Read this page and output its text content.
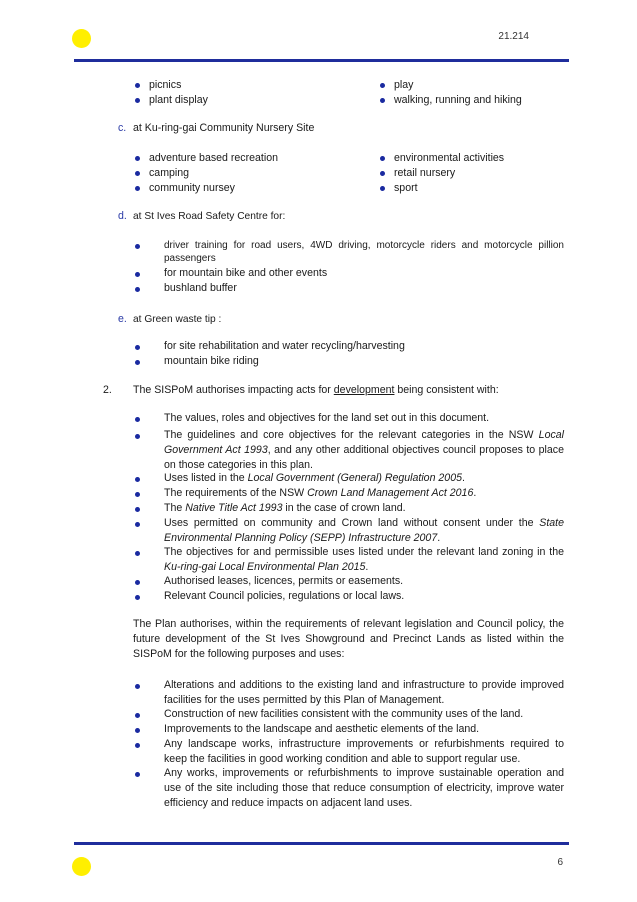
21.214
picnics
plant display
play
walking, running and hiking
c. at Ku-ring-gai Community Nursery Site
adventure based recreation
camping
community nursey
environmental activities
retail nursery
sport
d. at St Ives Road Safety Centre for:
driver training for road users, 4WD driving, motorcycle riders and motorcycle pillion passengers
for mountain bike and other events
bushland buffer
e. at Green waste tip :
for site rehabilitation and water recycling/harvesting
mountain bike riding
2. The SISPoM authorises impacting acts for development being consistent with:
The values, roles and objectives for the land set out in this document.
The guidelines and core objectives for the relevant categories in the NSW Local Government Act 1993, and any other additional objectives council proposes to place on those categories in this plan.
Uses listed in the Local Government (General) Regulation 2005.
The requirements of the NSW Crown Land Management Act 2016.
The Native Title Act 1993 in the case of crown land.
Uses permitted on community and Crown land without consent under the State Environmental Planning Policy (SEPP) Infrastructure 2007.
The objectives for and permissible uses listed under the relevant land zoning in the Ku-ring-gai Local Environmental Plan 2015.
Authorised leases, licences, permits or easements.
Relevant Council policies, regulations or local laws.
The Plan authorises, within the requirements of relevant legislation and Council policy, the future development of the St Ives Showground and Precinct Lands as listed within the SISPoM for the following purposes and uses:
Alterations and additions to the existing land and infrastructure to provide improved facilities for the uses permitted by this Plan of Management.
Construction of new facilities consistent with the community uses of the land.
Improvements to the landscape and aesthetic elements of the land.
Any landscape works, infrastructure improvements or refurbishments required to keep the facilities in good working condition and able to support regular use.
Any works, improvements or refurbishments to improve sustainable operation and use of the site including those that reduce consumption of electricity, improve water efficiency and reduce impacts on adjacent land uses.
6
